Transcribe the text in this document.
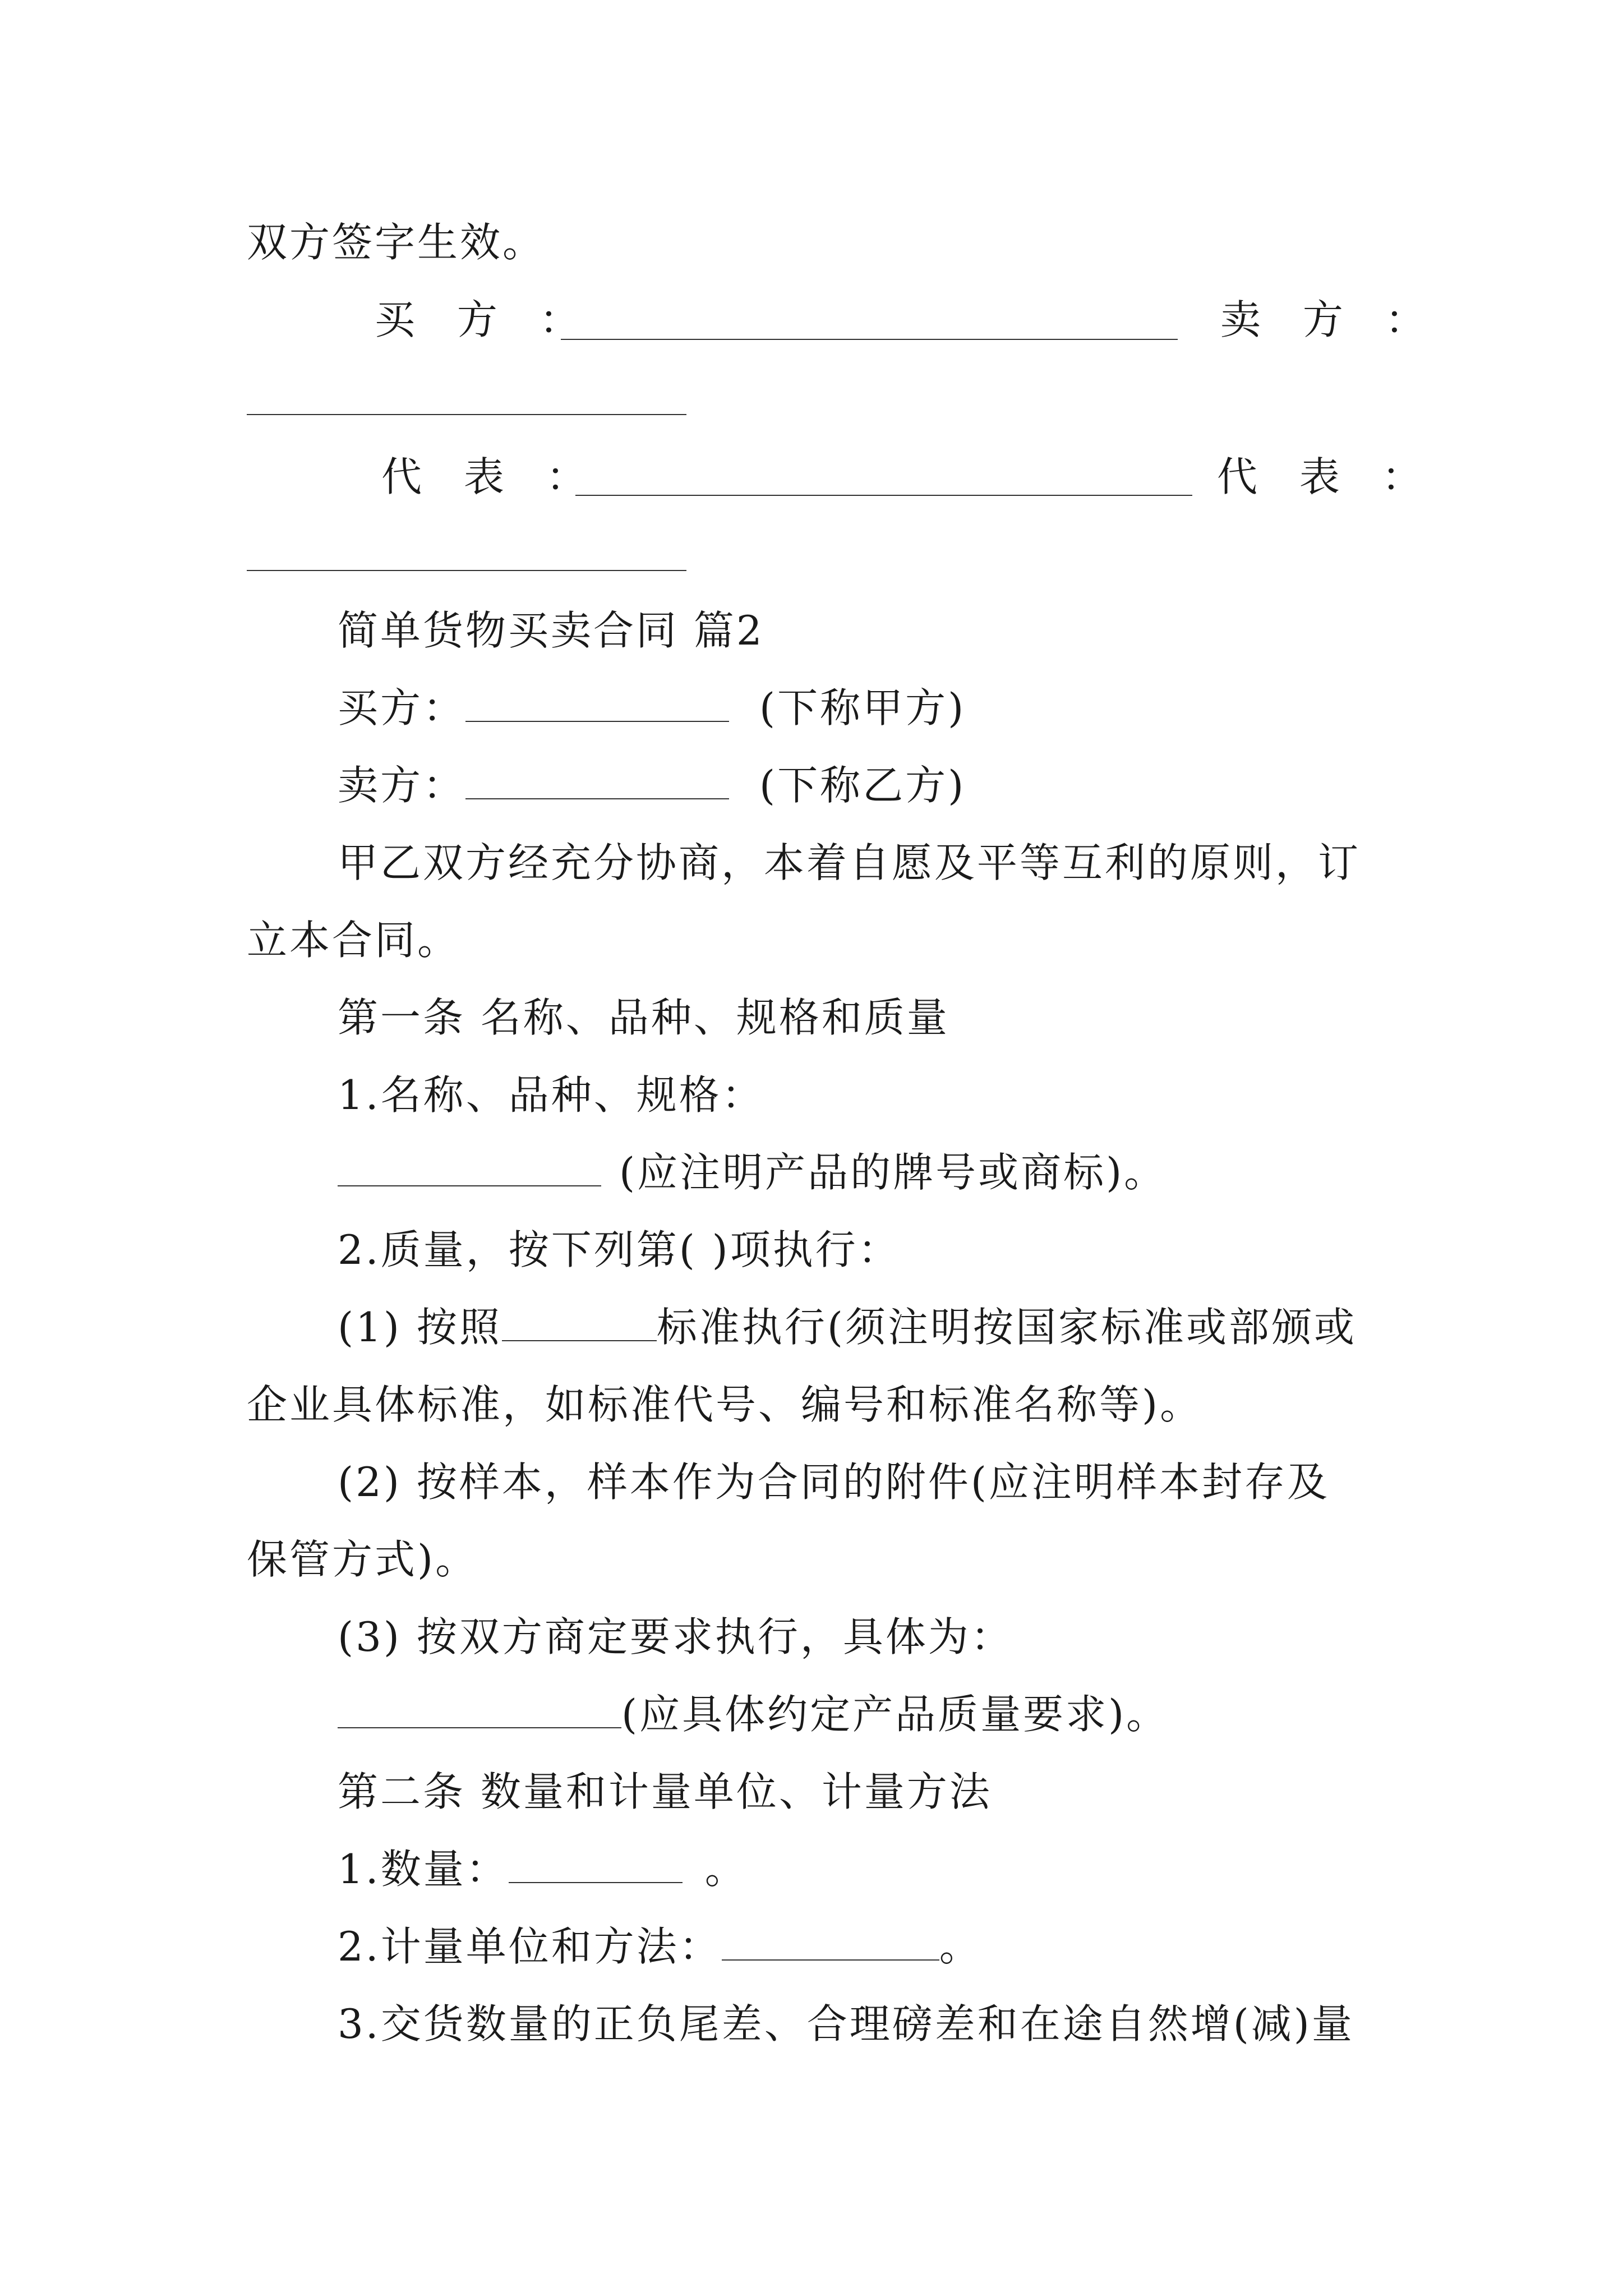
双方签字生效。
买 方 ：	卖 方 ：
代 表 ：	代 表 ：
简单货物买卖合同 篇2
买方：	(下称甲方)
卖方：	(下称乙方)
甲乙双方经充分协商，本着自愿及平等互利的原则，订
立本合同。
第一条 名称、品种、规格和质量
1.名称、品种、规格：
(应注明产品的牌号或商标)。
2.质量，按下列第( )项执行：
(1) 按照	标准执行(须注明按国家标准或部颁或
企业具体标准，如标准代号、编号和标准名称等)。
(2) 按样本，样本作为合同的附件(应注明样本封存及
保管方式)。
(3) 按双方商定要求执行，具体为：
(应具体约定产品质量要求)。
第二条 数量和计量单位、计量方法
1.数量：	。
2.计量单位和方法：	。
3.交货数量的正负尾差、合理磅差和在途自然增(减)量
